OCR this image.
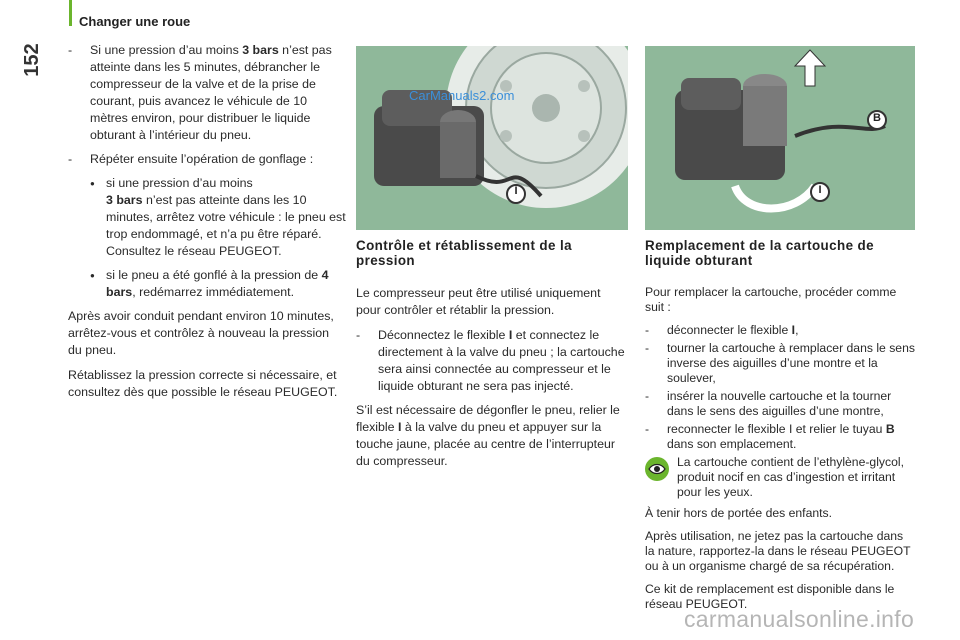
Changer une roue
152
-	Si une pression d’au moins 3 bars n’est pas atteinte dans les 5 minutes, débrancher le compresseur de la valve et de la prise de courant, puis avancez le véhicule de 10 mètres environ, pour distribuer le liquide obturant à l’intérieur du pneu.
- Répéter ensuite l’opération de gonflage :
● si une pression d’au moins
3 bars n’est pas atteinte dans les 10 minutes, arrêtez votre véhicule : le pneu est trop endommagé, et n’a pu être réparé. Consultez le réseau PEUGEOT.
● si le pneu a été gonflé à la pression de 4 bars, redémarrez immédiatement.

Après avoir conduit pendant environ 10 minutes, arrêtez-vous et contrôlez à nouveau la pression du pneu.

Rétablissez la pression correcte si nécessaire, et consultez dès que possible le réseau PEUGEOT.

I
CarManuals2.com
B
I
Contrôle et rétablissement de la pression

Le compresseur peut être utilisé uniquement pour contrôler et rétablir la pression.

- Déconnectez le flexible I et connectez le directement à la valve du pneu ; la cartouche sera ainsi connectée au compresseur et le liquide obturant ne sera pas injecté.

S’il est nécessaire de dégonfler le pneu, relier le flexible I à la valve du pneu et appuyer sur la touche jaune, placée au centre de l’interrupteur du compresseur.

Remplacement de la cartouche de liquide obturant

Pour remplacer la cartouche, procéder comme suit :

- déconnecter le flexible I,
- tourner la cartouche à remplacer dans le sens inverse des aiguilles d’une montre et la soulever,
- insérer la nouvelle cartouche et la tourner dans le sens des aiguilles d’une montre,
- reconnecter le flexible I et relier le tuyau B dans son emplacement.
La cartouche contient de l’ethylène-glycol, produit nocif en cas d’ingestion et irritant pour les yeux.

À tenir hors de portée des enfants.

Après utilisation, ne jetez pas la cartouche dans la nature, rapportez-la dans le réseau PEUGEOT ou à un organisme chargé de sa récupération.

Ce kit de remplacement est disponible dans le réseau PEUGEOT.

carmanualsonline.info
